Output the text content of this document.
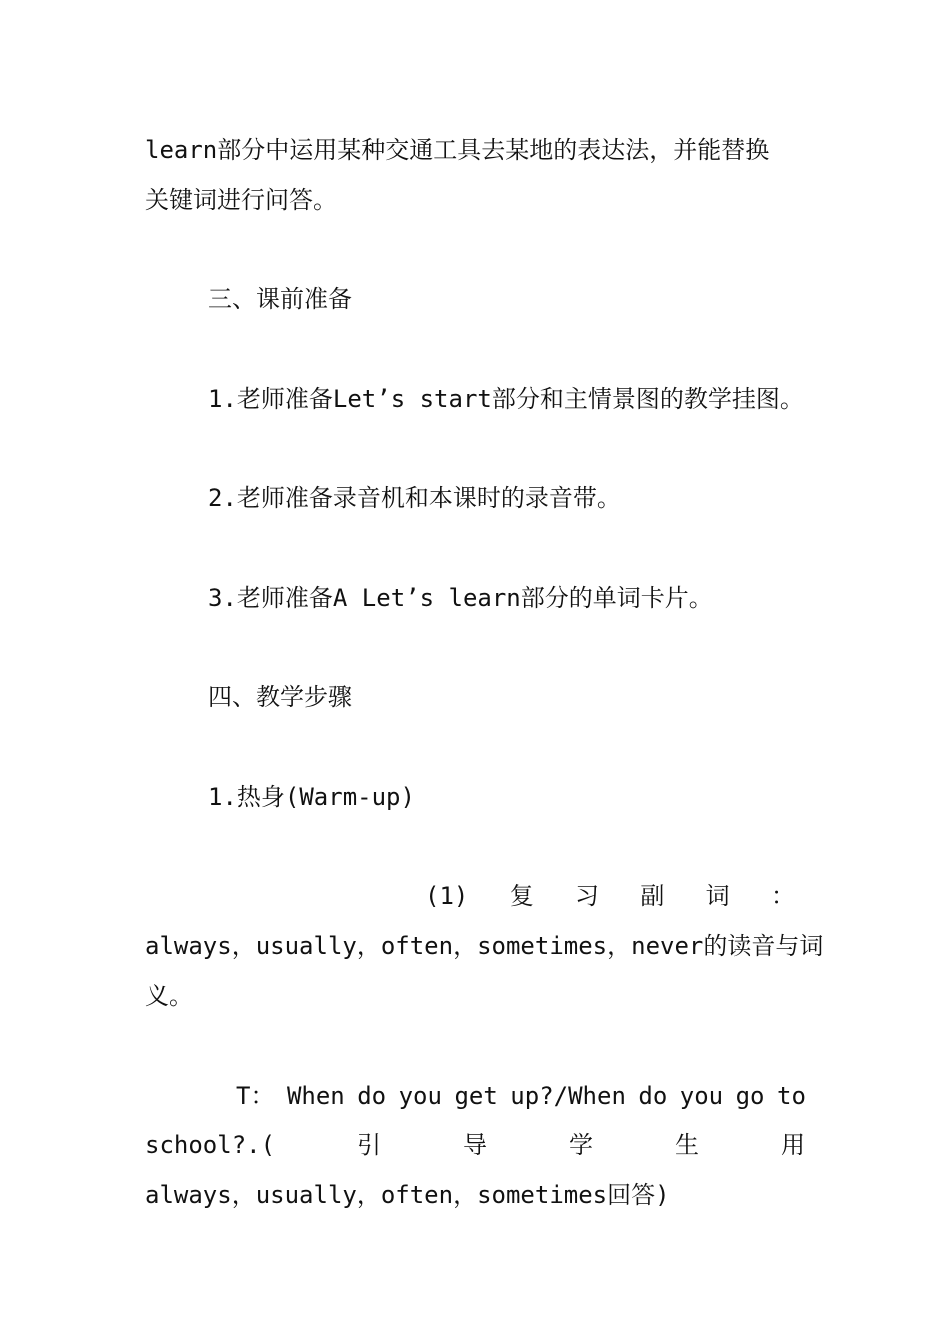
learn部分中运用某种交通工具去某地的表达法，并能替换
关键词进行问答。
三、课前准备
1.老师准备Let’s start部分和主情景图的教学挂图。
2.老师准备录音机和本课时的录音带。
3.老师准备A Let’s learn部分的单词卡片。
四、教学步骤
1.热身(Warm-up)
(1) 复 习 副 词 ：
always，usually，often，sometimes，never的读音与词
义。
T： When do you get up?/When do you go to
school?.(	引	导	学	生	用
always，usually，often，sometimes回答)
